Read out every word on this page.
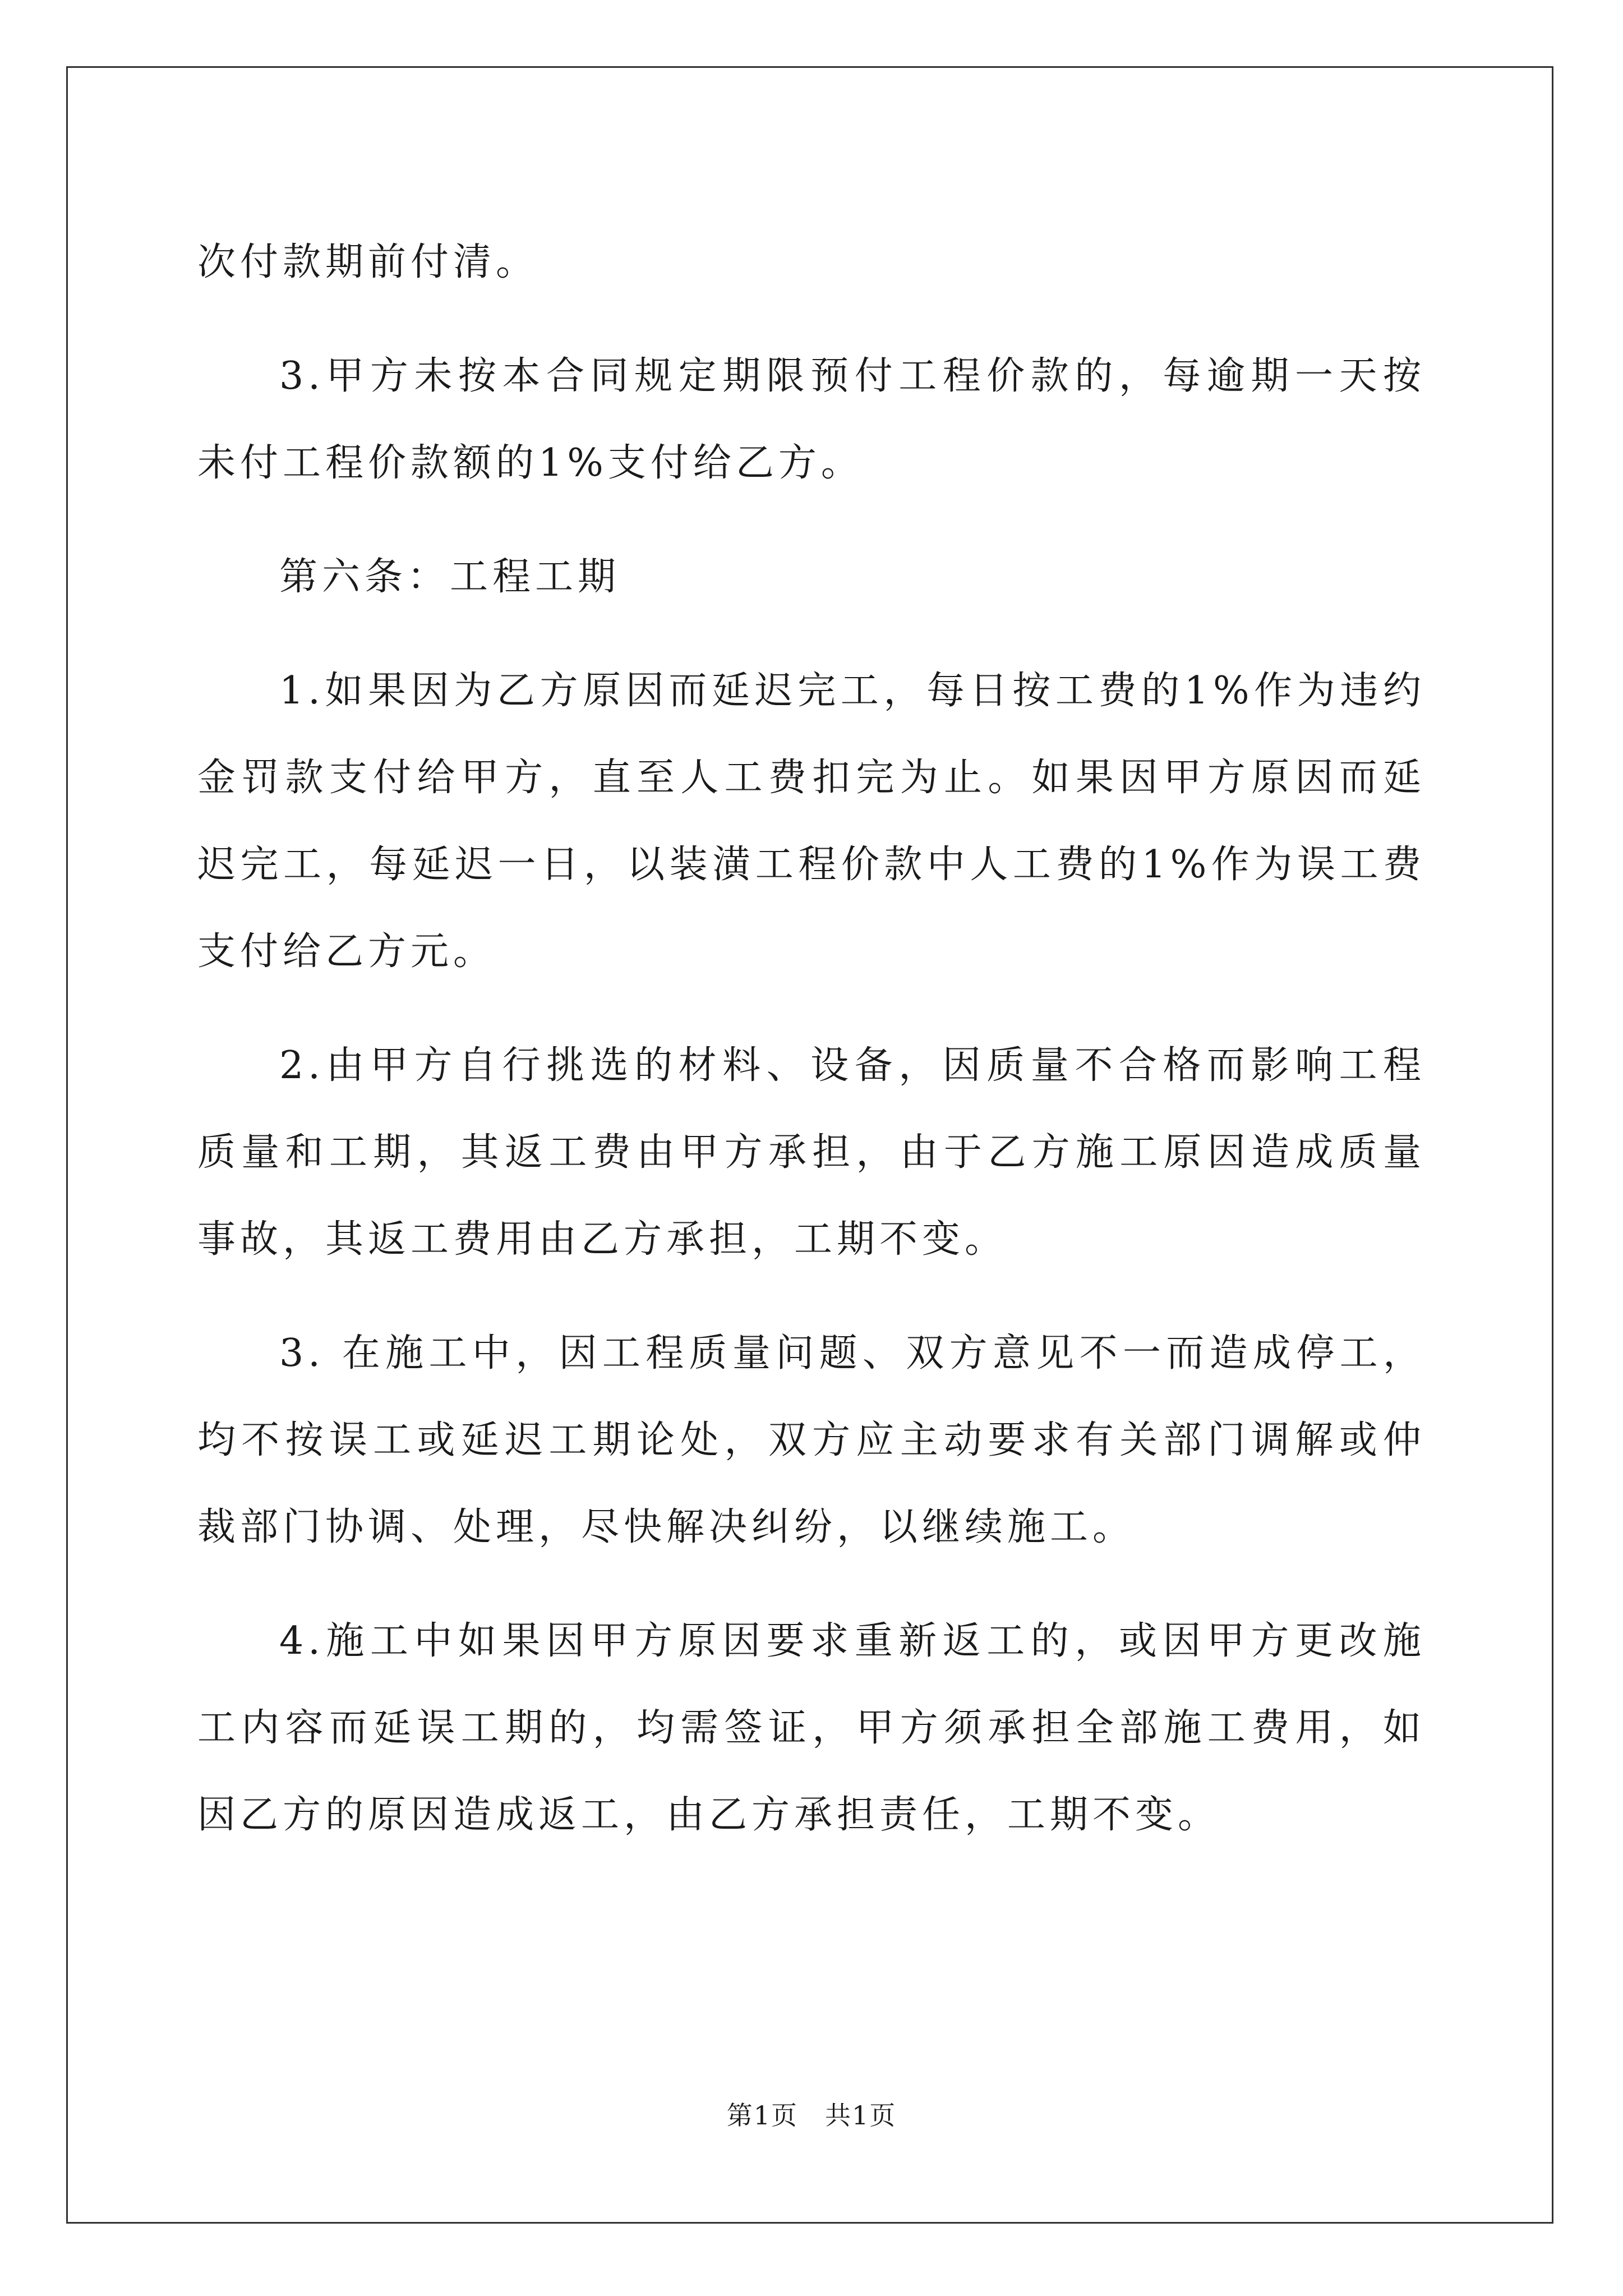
次付款期前付清。

3.甲方未按本合同规定期限预付工程价款的，每逾期一天按未付工程价款额的1%支付给乙方。

第六条：工程工期

1.如果因为乙方原因而延迟完工，每日按工费的1%作为违约金罚款支付给甲方，直至人工费扣完为止。如果因甲方原因而延迟完工，每延迟一日，以装潢工程价款中人工费的1%作为误工费支付给乙方元。

2.由甲方自行挑选的材料、设备，因质量不合格而影响工程质量和工期，其返工费由甲方承担，由于乙方施工原因造成质量事故，其返工费用由乙方承担，工期不变。

3. 在施工中，因工程质量问题、双方意见不一而造成停工，均不按误工或延迟工期论处，双方应主动要求有关部门调解或仲裁部门协调、处理，尽快解决纠纷，以继续施工。

4.施工中如果因甲方原因要求重新返工的，或因甲方更改施工内容而延误工期的，均需签证，甲方须承担全部施工费用，如因乙方的原因造成返工，由乙方承担责任，工期不变。

第1页　共1页
